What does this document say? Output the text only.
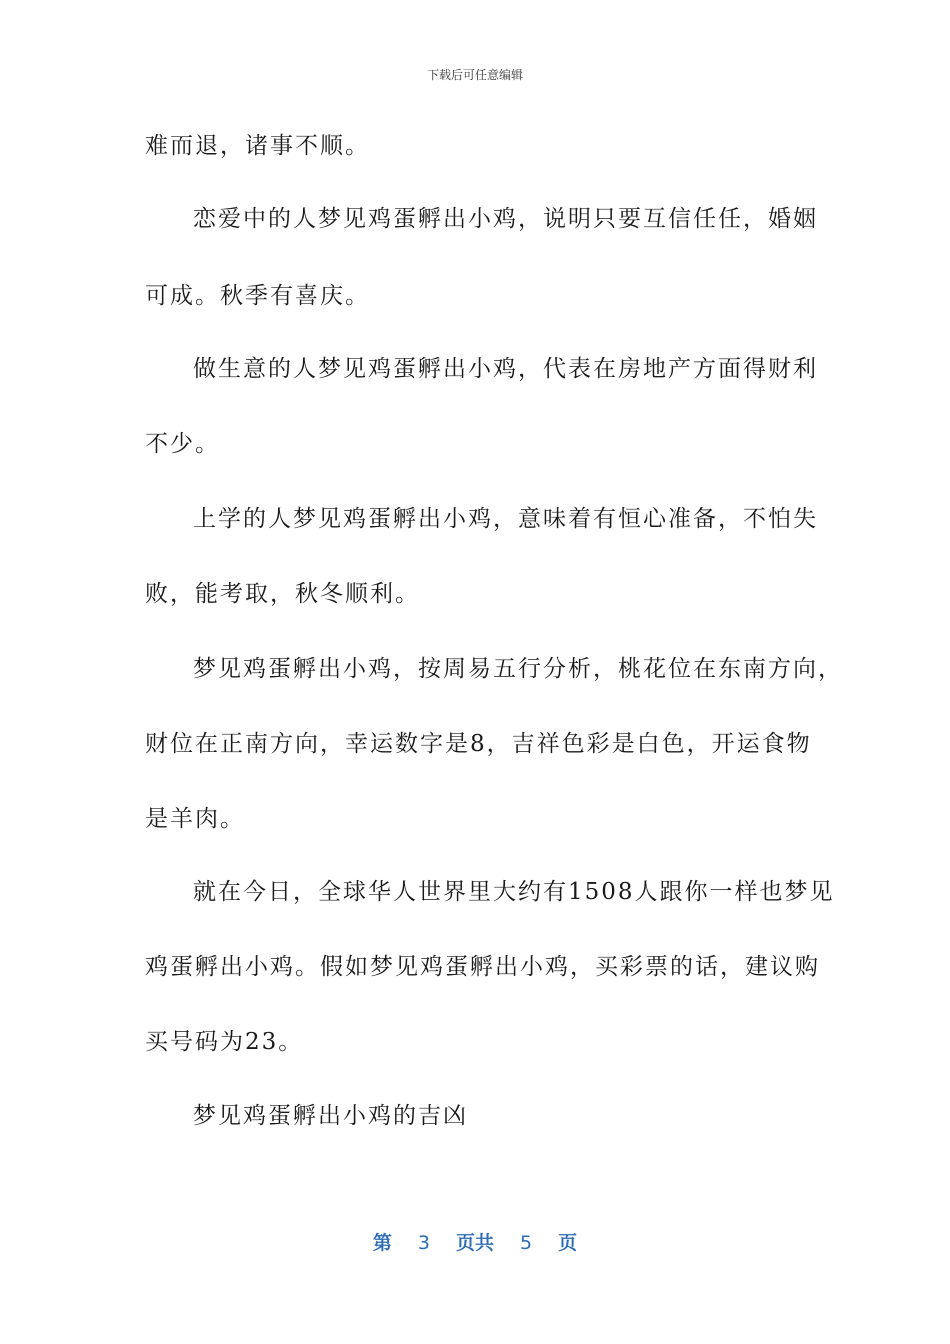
下载后可任意编辑
难而退，诸事不顺。
恋爱中的人梦见鸡蛋孵出小鸡，说明只要互信任任，婚姻
可成。秋季有喜庆。
做生意的人梦见鸡蛋孵出小鸡，代表在房地产方面得财利
不少。
上学的人梦见鸡蛋孵出小鸡，意味着有恒心准备，不怕失
败，能考取，秋冬顺利。
梦见鸡蛋孵出小鸡，按周易五行分析，桃花位在东南方向，
财位在正南方向，幸运数字是8，吉祥色彩是白色，开运食物
是羊肉。
就在今日，全球华人世界里大约有1508人跟你一样也梦见
鸡蛋孵出小鸡。假如梦见鸡蛋孵出小鸡，买彩票的话，建议购
买号码为23。
梦见鸡蛋孵出小鸡的吉凶
第 3 页共 5 页
